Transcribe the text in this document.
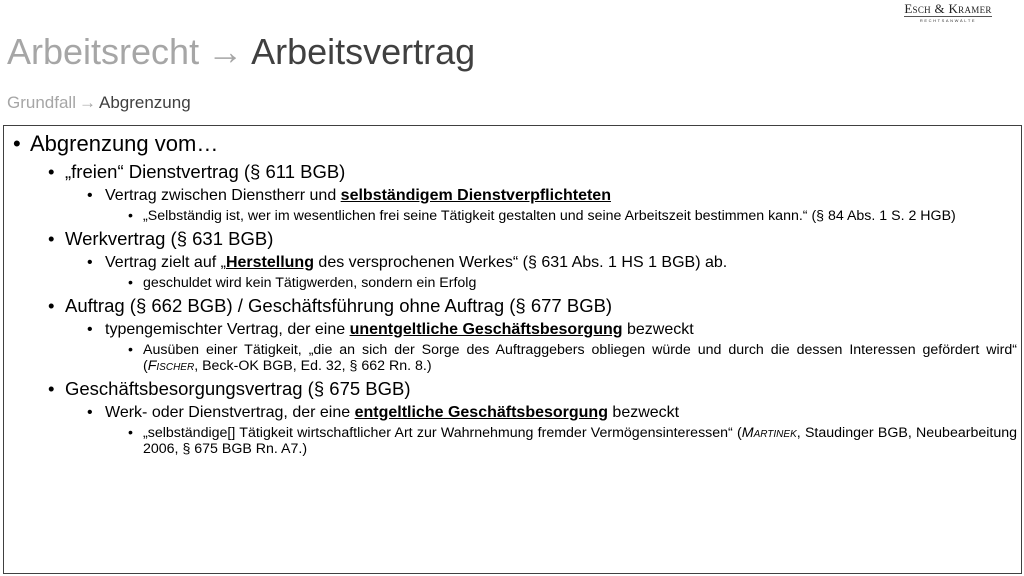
Esch & Kramer
RECHTSANWÄLTE
Arbeitsrecht → Arbeitsvertrag
Grundfall → Abgrenzung
• Abgrenzung vom…
• „freien“ Dienstvertrag (§ 611 BGB)
• Vertrag zwischen Dienstherr und selbständigem Dienstverpflichteten
• „Selbständig ist, wer im wesentlichen frei seine Tätigkeit gestalten und seine Arbeitszeit bestimmen kann.“ (§ 84 Abs. 1 S. 2 HGB)
• Werkvertrag (§ 631 BGB)
• Vertrag zielt auf „Herstellung des versprochenen Werkes“ (§ 631 Abs. 1 HS 1 BGB) ab.
• geschuldet wird kein Tätigwerden, sondern ein Erfolg
• Auftrag (§ 662 BGB) / Geschäftsführung ohne Auftrag (§ 677 BGB)
• typengemischter Vertrag, der eine unentgeltliche Geschäftsbesorgung bezweckt
• Ausüben einer Tätigkeit, „die an sich der Sorge des Auftraggebers obliegen würde und durch die dessen Interessen gefördert wird“ (Fischer, Beck-OK BGB, Ed. 32, § 662 Rn. 8.)
• Geschäftsbesorgungsvertrag (§ 675 BGB)
• Werk- oder Dienstvertrag, der eine entgeltliche Geschäftsbesorgung bezweckt
• „selbständige[] Tätigkeit wirtschaftlicher Art zur Wahrnehmung fremder Vermögensinteressen“ (Martinek, Staudinger BGB, Neubearbeitung 2006, § 675 BGB Rn. A7.)
